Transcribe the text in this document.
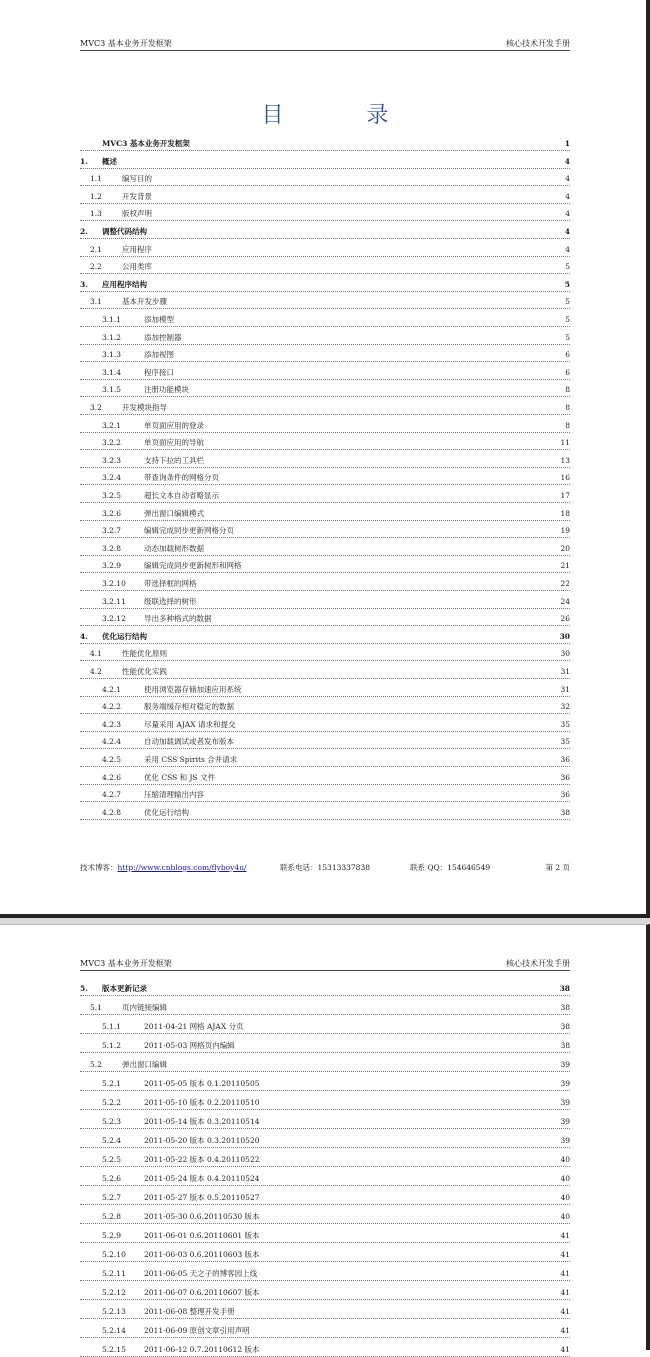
MVC3 基本业务开发框架	核心技术开发手册
目 录
MVC3 基本业务开发框架	1
1.	概述	4
1.1	编写目的	4
1.2	开发背景	4
1.3	版权声明	4
2.	调整代码结构	4
2.1	应用程序	4
2.2	公用类库	5
3.	应用程序结构	5
3.1	基本开发步骤	5
3.1.1	添加模型	5
3.1.2	添加控制器	5
3.1.3	添加视图	6
3.1.4	程序接口	6
3.1.5	注册功能模块	8
3.2	开发模块指导	8
3.2.1	单页面应用的登录	8
3.2.2	单页面应用的导航	11
3.2.3	支持下拉的工具栏	13
3.2.4	带查询条件的网格分页	16
3.2.5	超长文本自动省略显示	17
3.2.6	弹出窗口编辑模式	18
3.2.7	编辑完成同步更新网格分页	19
3.2.8	动态加载树形数据	20
3.2.9	编辑完成同步更新树形和网格	21
3.2.10	带选择框的网格	22
3.2.11	级联选择的树形	24
3.2.12	导出多种格式的数据	26
4.	优化运行结构	30
4.1	性能优化原则	30
4.2	性能优化实践	31
4.2.1	使用浏览器存储加速应用系统	31
4.2.2	服务端缓存相对稳定的数据	32
4.2.3	尽量采用 AJAX 请求和提交	35
4.2.4	自动加载调试或者发布版本	35
4.2.5	采用 CSS Spirits 合并请求	36
4.2.6	优化 CSS 和 JS 文件	36
4.2.7	压缩清理输出内容	36
4.2.8	优化运行结构	38
技术博客：http://www.cnblogs.com/flyboy4u/	联系电话：15313337838	联系 QQ：154646549	第 2 页
MVC3 基本业务开发框架	核心技术开发手册
5.	版本更新记录	38
5.1	页内链接编辑	38
5.1.1	2011-04-21 网格 AJAX 分页	38
5.1.2	2011-05-03 网格页内编辑	38
5.2	弹出窗口编辑	39
5.2.1	2011-05-05 版本 0.1.20110505	39
5.2.2	2011-05-10 版本 0.2.20110510	39
5.2.3	2011-05-14 版本 0.3.20110514	39
5.2.4	2011-05-20 版本 0.3.20110520	39
5.2.5	2011-05-22 版本 0.4.20110522	40
5.2.6	2011-05-24 版本 0.4.20110524	40
5.2.7	2011-05-27 版本 0.5.20110527	40
5.2.8	2011-05-30 0.6.20110530 版本	40
5.2.9	2011-06-01 0.6.20110601 版本	41
5.2.10	2011-06-03 0.6.20110603 版本	41
5.2.11	2011-06-05 天之子的博客园上线	41
5.2.12	2011-06-07 0.6.20110607 版本	41
5.2.13	2011-06-08 整理开发手册	41
5.2.14	2011-06-09 原创文章引用声明	41
5.2.15	2011-06-12 0.7.20110612 版本	41
